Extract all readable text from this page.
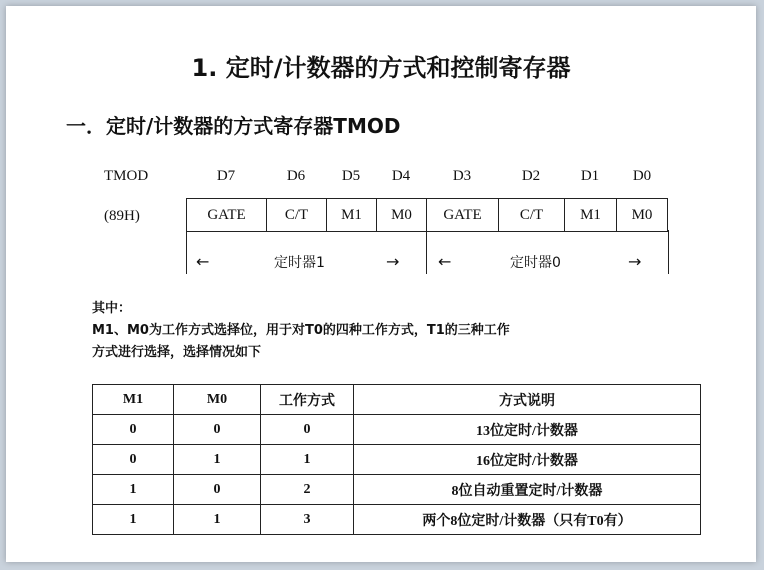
1. 定时/计数器的方式和控制寄存器
一．定时/计数器的方式寄存器TMOD
TMOD
(89H)
D7	D6	D5	D4	D3	D2	D1	D0
GATE	C/T	M1	M0	GATE	C/T	M1	M0
←	定时器1	→ ←	定时器0	→
其中：
M1、M0为工作方式选择位，用于对T0的四种工作方式，T1的三种工作
方式进行选择，选择情况如下
M1	M0	工作方式	方式说明
0	0	0	13位定时/计数器
0	1	1	16位定时/计数器
1	0	2	8位自动重置定时/计数器
1	1	3	两个8位定时/计数器（只有T0有）
